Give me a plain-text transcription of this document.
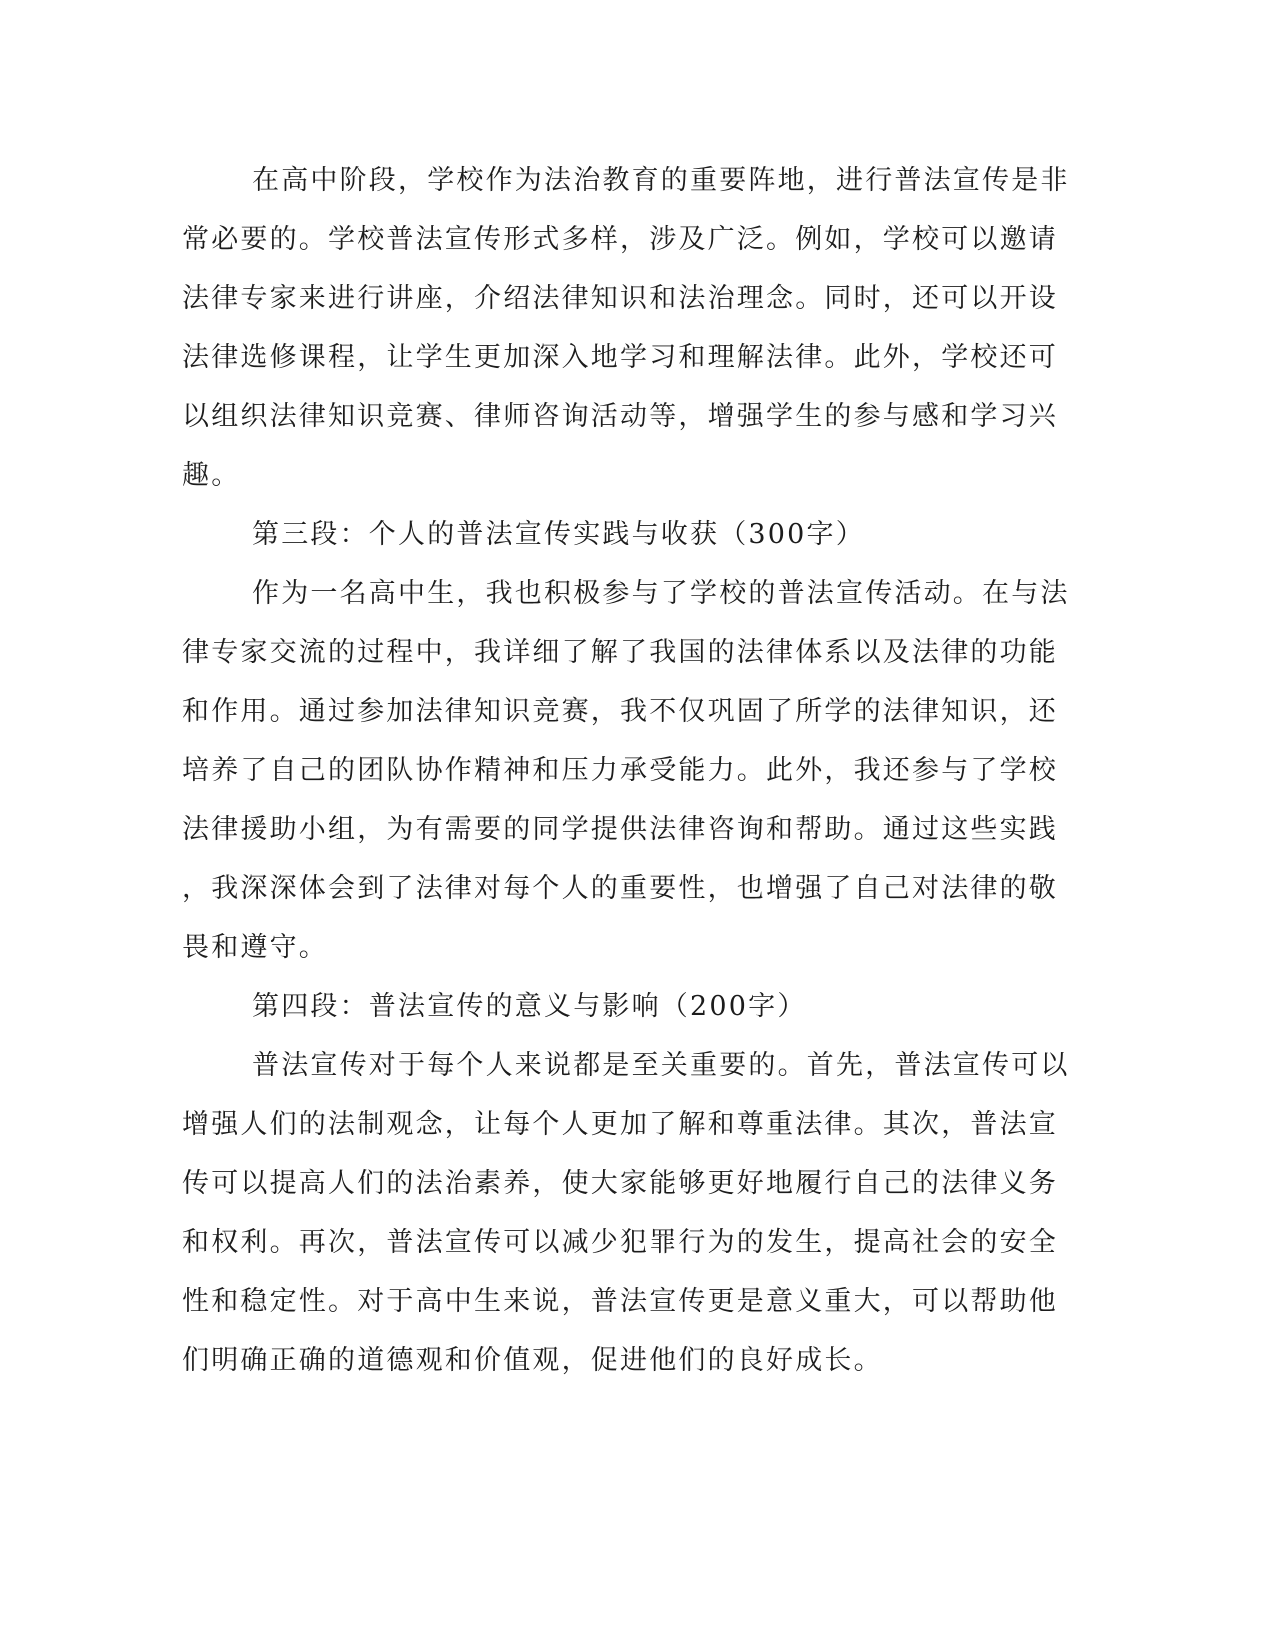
在高中阶段，学校作为法治教育的重要阵地，进行普法宣传是非
常必要的。学校普法宣传形式多样，涉及广泛。例如，学校可以邀请
法律专家来进行讲座，介绍法律知识和法治理念。同时，还可以开设
法律选修课程，让学生更加深入地学习和理解法律。此外，学校还可
以组织法律知识竞赛、律师咨询活动等，增强学生的参与感和学习兴
趣。
第三段：个人的普法宣传实践与收获（300字）
作为一名高中生，我也积极参与了学校的普法宣传活动。在与法
律专家交流的过程中，我详细了解了我国的法律体系以及法律的功能
和作用。通过参加法律知识竞赛，我不仅巩固了所学的法律知识，还
培养了自己的团队协作精神和压力承受能力。此外，我还参与了学校
法律援助小组，为有需要的同学提供法律咨询和帮助。通过这些实践
，我深深体会到了法律对每个人的重要性，也增强了自己对法律的敬
畏和遵守。
第四段：普法宣传的意义与影响（200字）
普法宣传对于每个人来说都是至关重要的。首先，普法宣传可以
增强人们的法制观念，让每个人更加了解和尊重法律。其次，普法宣
传可以提高人们的法治素养，使大家能够更好地履行自己的法律义务
和权利。再次，普法宣传可以减少犯罪行为的发生，提高社会的安全
性和稳定性。对于高中生来说，普法宣传更是意义重大，可以帮助他
们明确正确的道德观和价值观，促进他们的良好成长。
